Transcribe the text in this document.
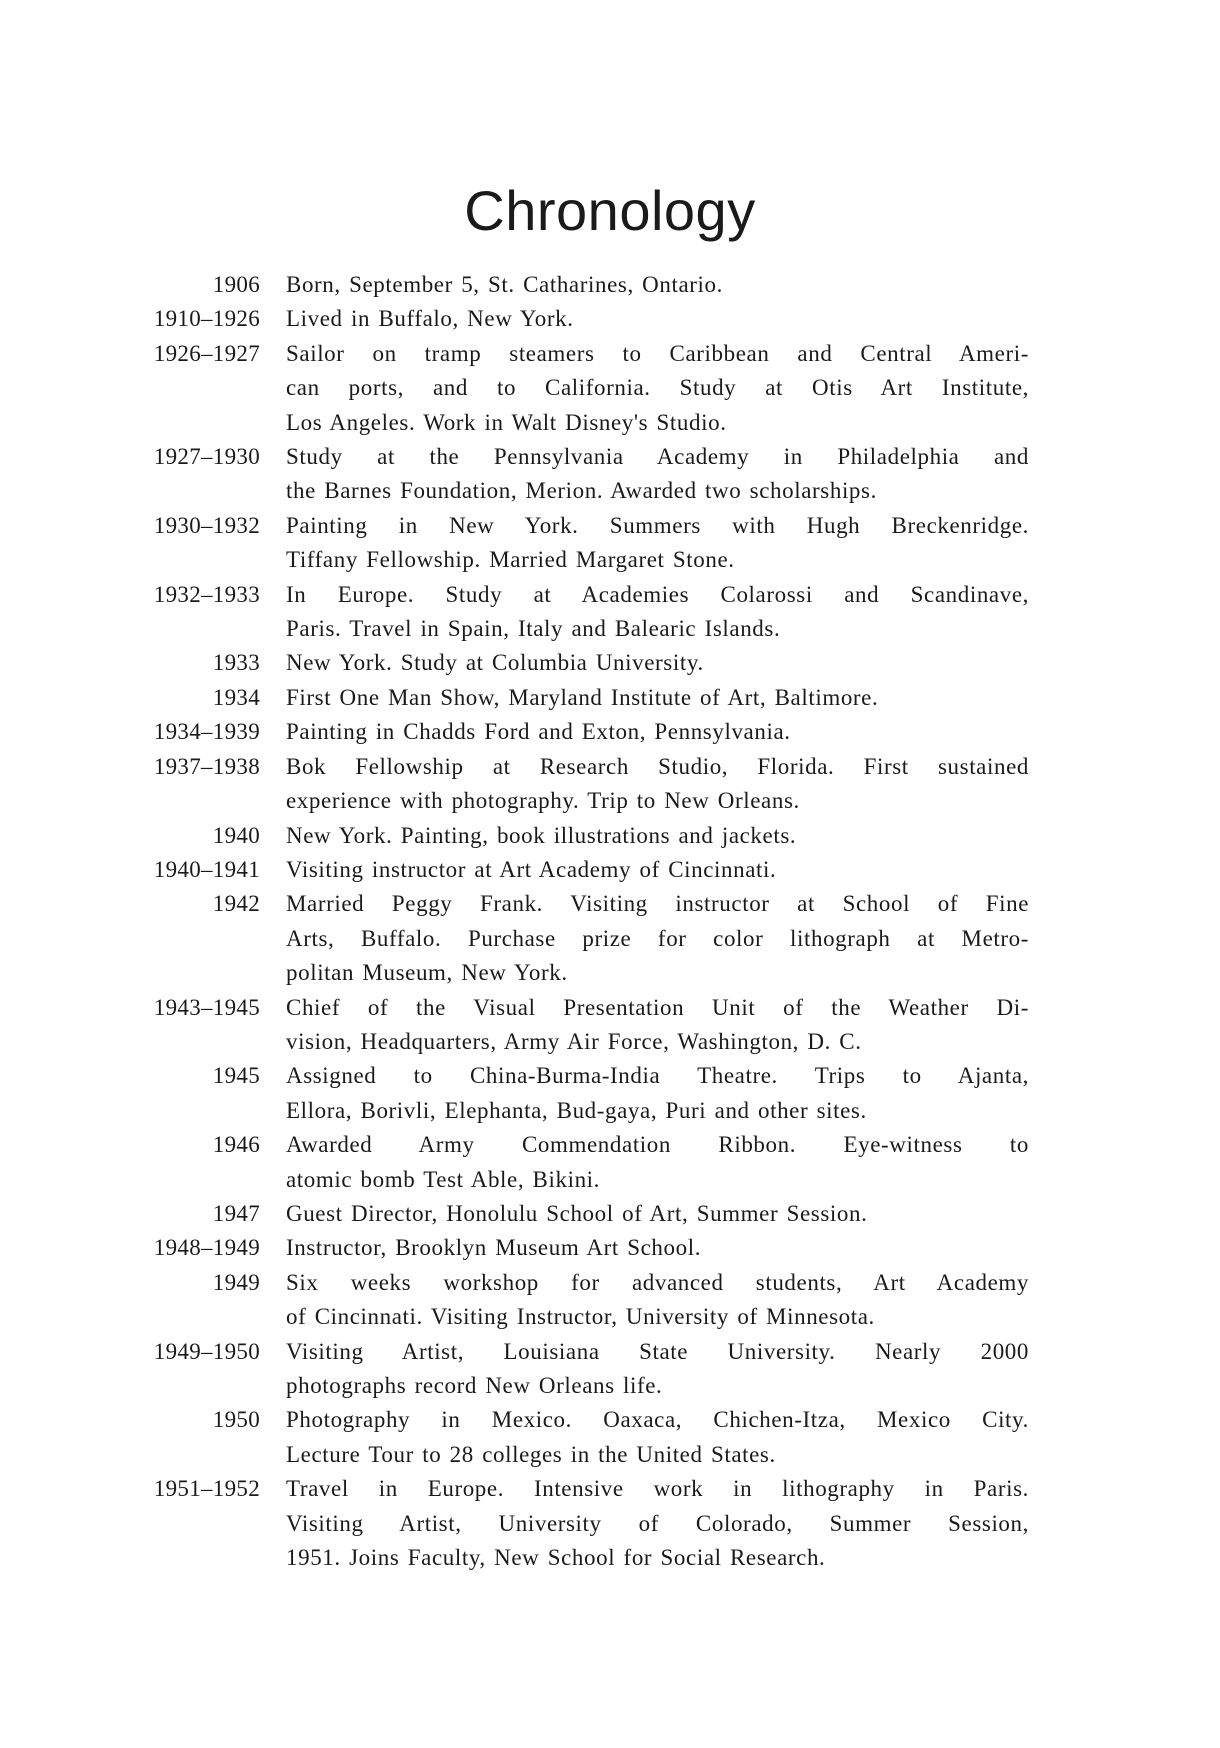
Chronology
1906 Born, September 5, St. Catharines, Ontario.
1910–1926 Lived in Buffalo, New York.
1926–1927 Sailor on tramp steamers to Caribbean and Central Ameri-
can ports, and to California. Study at Otis Art Institute,
Los Angeles. Work in Walt Disney's Studio.
1927–1930 Study at the Pennsylvania Academy in Philadelphia and
the Barnes Foundation, Merion. Awarded two scholarships.
1930–1932 Painting in New York. Summers with Hugh Breckenridge.
Tiffany Fellowship. Married Margaret Stone.
1932–1933 In Europe. Study at Academies Colarossi and Scandinave,
Paris. Travel in Spain, Italy and Balearic Islands.
1933 New York. Study at Columbia University.
1934 First One Man Show, Maryland Institute of Art, Baltimore.
1934–1939 Painting in Chadds Ford and Exton, Pennsylvania.
1937–1938 Bok Fellowship at Research Studio, Florida. First sustained
experience with photography. Trip to New Orleans.
1940 New York. Painting, book illustrations and jackets.
1940–1941 Visiting instructor at Art Academy of Cincinnati.
1942 Married Peggy Frank. Visiting instructor at School of Fine
Arts, Buffalo. Purchase prize for color lithograph at Metro-
politan Museum, New York.
1943–1945 Chief of the Visual Presentation Unit of the Weather Di-
vision, Headquarters, Army Air Force, Washington, D. C.
1945 Assigned to China-Burma-India Theatre. Trips to Ajanta,
Ellora, Borivli, Elephanta, Bud-gaya, Puri and other sites.
1946 Awarded Army Commendation Ribbon. Eye-witness to
atomic bomb Test Able, Bikini.
1947 Guest Director, Honolulu School of Art, Summer Session.
1948–1949 Instructor, Brooklyn Museum Art School.
1949 Six weeks workshop for advanced students, Art Academy
of Cincinnati. Visiting Instructor, University of Minnesota.
1949–1950 Visiting Artist, Louisiana State University. Nearly 2000
photographs record New Orleans life.
1950 Photography in Mexico. Oaxaca, Chichen-Itza, Mexico City.
Lecture Tour to 28 colleges in the United States.
1951–1952 Travel in Europe. Intensive work in lithography in Paris.
Visiting Artist, University of Colorado, Summer Session,
1951. Joins Faculty, New School for Social Research.
